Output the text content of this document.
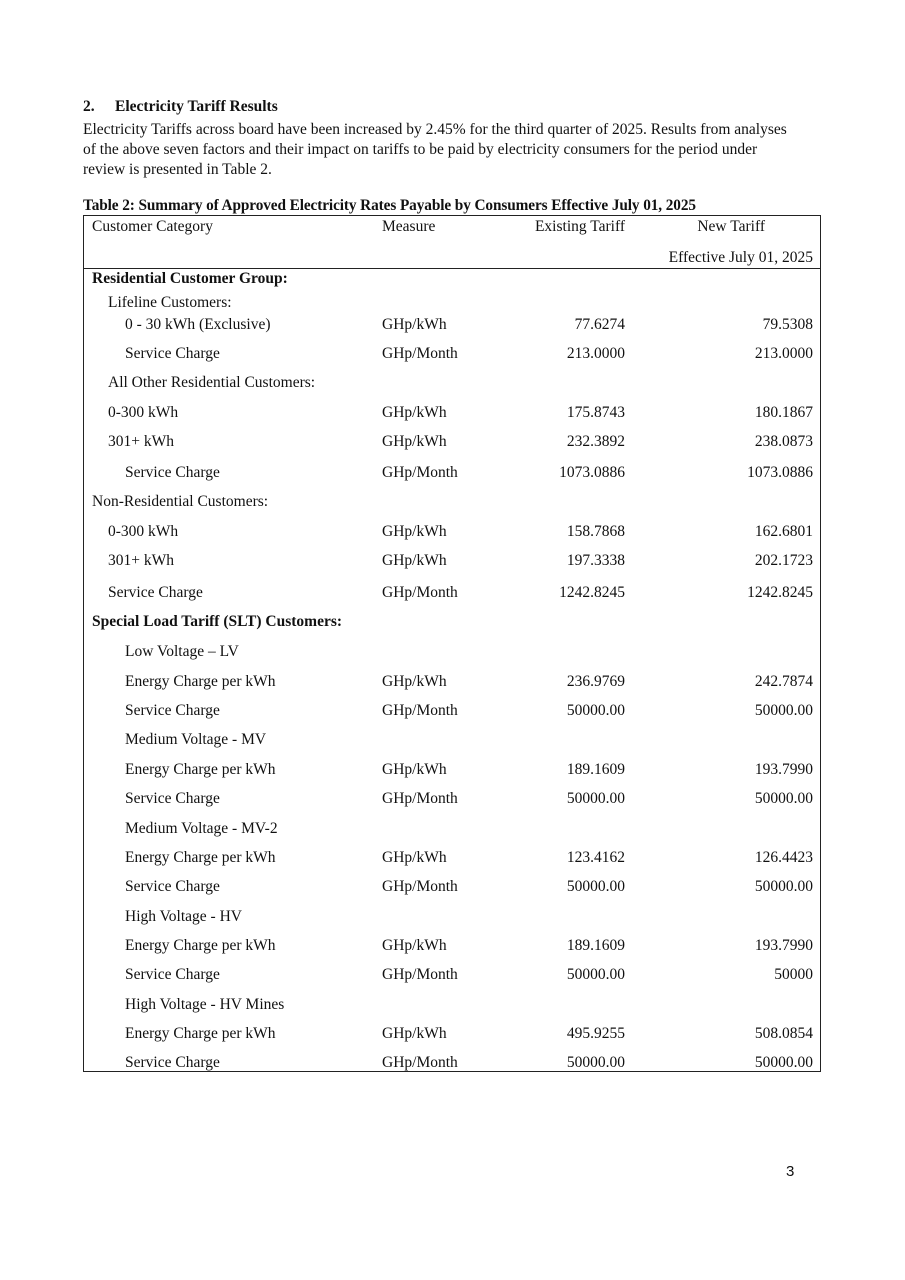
2. Electricity Tariff Results
Electricity Tariffs across board have been increased by 2.45% for the third quarter of 2025. Results from analyses of the above seven factors and their impact on tariffs to be paid by electricity consumers for the period under review is presented in Table 2.
Table 2: Summary of Approved Electricity Rates Payable by Consumers Effective July 01, 2025
Customer Category	Measure	Existing Tariff	New Tariff
Effective July 01, 2025
Residential Customer Group:
Lifeline Customers:
0 - 30 kWh (Exclusive)	GHp/kWh	77.6274	79.5308
Service Charge	GHp/Month	213.0000	213.0000
All Other Residential Customers:
0-300 kWh	GHp/kWh	175.8743	180.1867
301+ kWh	GHp/kWh	232.3892	238.0873
Service Charge	GHp/Month	1073.0886	1073.0886
Non-Residential Customers:
0-300 kWh	GHp/kWh	158.7868	162.6801
301+ kWh	GHp/kWh	197.3338	202.1723
Service Charge	GHp/Month	1242.8245	1242.8245
Special Load Tariff (SLT) Customers:
Low Voltage – LV
Energy Charge per kWh	GHp/kWh	236.9769	242.7874
Service Charge	GHp/Month	50000.00	50000.00
Medium Voltage - MV
Energy Charge per kWh	GHp/kWh	189.1609	193.7990
Service Charge	GHp/Month	50000.00	50000.00
Medium Voltage - MV-2
Energy Charge per kWh	GHp/kWh	123.4162	126.4423
Service Charge	GHp/Month	50000.00	50000.00
High Voltage - HV
Energy Charge per kWh	GHp/kWh	189.1609	193.7990
Service Charge	GHp/Month	50000.00	50000
High Voltage - HV Mines
Energy Charge per kWh	GHp/kWh	495.9255	508.0854
Service Charge	GHp/Month	50000.00	50000.00
3
